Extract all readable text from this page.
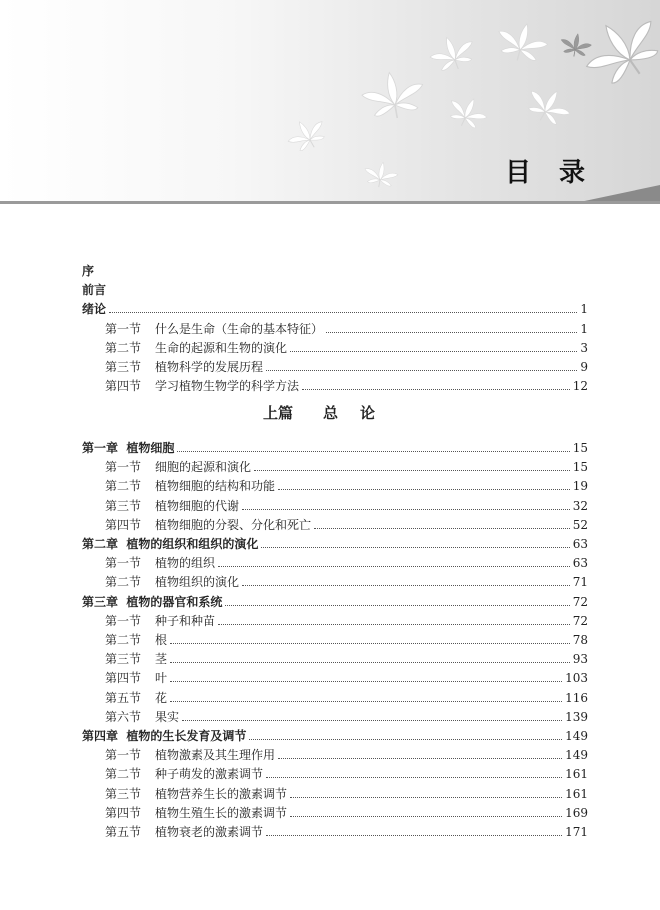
目录
上篇   总论
序
前言
绪论	1
第一节 什么是生命（生命的基本特征）	1
第二节 生命的起源和生物的演化	3
第三节 植物科学的发展历程	9
第四节 学习植物生物学的科学方法	12
第一章 植物细胞	15
第一节 细胞的起源和演化	15
第二节 植物细胞的结构和功能	19
第三节 植物细胞的代谢	32
第四节 植物细胞的分裂、分化和死亡	52
第二章 植物的组织和组织的演化	63
第一节 植物的组织	63
第二节 植物组织的演化	71
第三章 植物的器官和系统	72
第一节 种子和种苗	72
第二节 根	78
第三节 茎	93
第四节 叶	103
第五节 花	116
第六节 果实	139
第四章 植物的生长发育及调节	149
第一节 植物激素及其生理作用	149
第二节 种子萌发的激素调节	161
第三节 植物营养生长的激素调节	161
第四节 植物生殖生长的激素调节	169
第五节 植物衰老的激素调节	171
